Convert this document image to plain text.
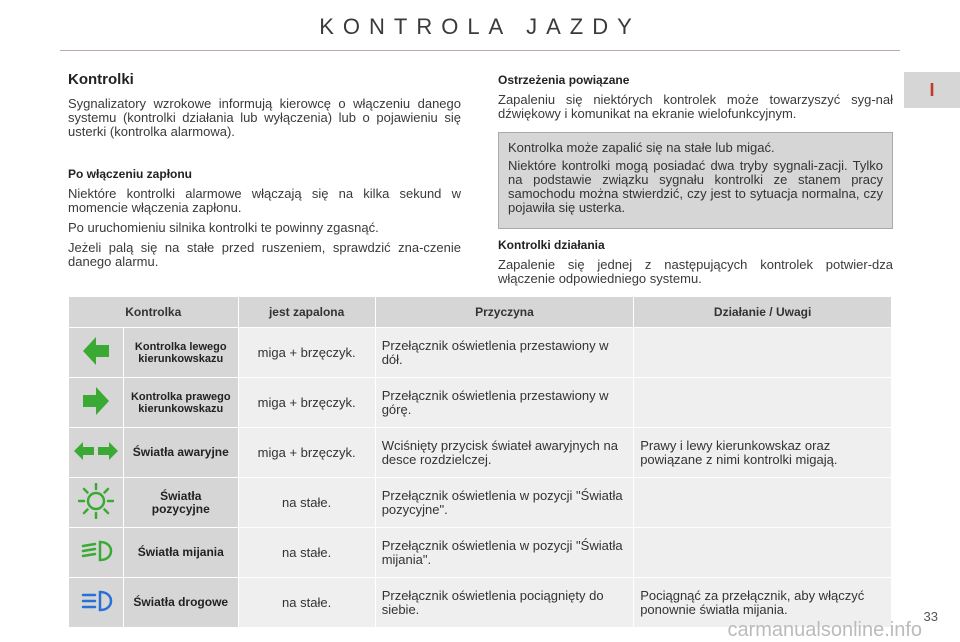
KONTROLA JAZDY
I
Kontrolki

Sygnalizatory wzrokowe informują kierowcę o włączeniu danego systemu (kontrolki działania lub wyłączenia) lub o pojawieniu się usterki (kontrolka alarmowa).

Po włączeniu zapłonu

Niektóre kontrolki alarmowe włączają się na kilka sekund w momencie włączenia zapłonu.

Po uruchomieniu silnika kontrolki te powinny zgasnąć.

Jeżeli palą się na stałe przed ruszeniem, sprawdzić zna-czenie danego alarmu.

Ostrzeżenia powiązane

Zapaleniu się niektórych kontrolek może towarzyszyć syg-nał dźwiękowy i komunikat na ekranie wielofunkcyjnym.

Kontrolka może zapalić się na stałe lub migać.

Niektóre kontrolki mogą posiadać dwa tryby sygnali-zacji. Tylko na podstawie związku sygnału kontrolki ze stanem pracy samochodu można stwierdzić, czy jest to sytuacja normalna, czy pojawiła się usterka.

Kontrolki działania

Zapalenie się jednej z następujących kontrolek potwier-dza włączenie odpowiedniego systemu.

Kontrolka		jest zapalona	Przyczyna	Działanie / Uwagi
	Kontrolka lewego kierunkowskazu	miga + brzęczyk.	Przełącznik oświetlenia przestawiony w dół.	
	Kontrolka prawego kierunkowskazu	miga + brzęczyk.	Przełącznik oświetlenia przestawiony w górę.	
	Światła awaryjne	miga + brzęczyk.	Wciśnięty przycisk świateł awaryjnych na desce rozdzielczej.	Prawy i lewy kierunkowskaz oraz powiązane z nimi kontrolki migają.
	Światła pozycyjne	na stałe.	Przełącznik oświetlenia w pozycji "Światła pozycyjne".	
	Światła mijania	na stałe.	Przełącznik oświetlenia w pozycji "Światła mijania".	
	Światła drogowe	na stałe.	Przełącznik oświetlenia pociągnięty do siebie.	Pociągnąć za przełącznik, aby włączyć ponownie światła mijania.	33
carmanualsonline.info
